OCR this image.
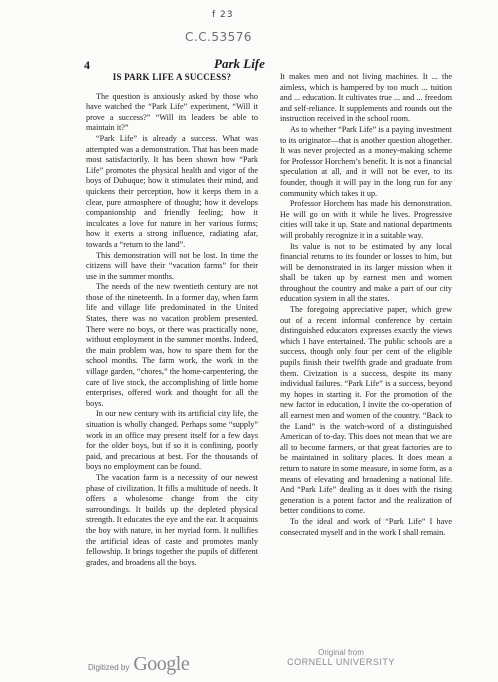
f 23
C.C.53576
4	Park Life
IS PARK LIFE A SUCCESS?

The question is anxiously asked by those who have watched the “Park Life” experiment, “Will it prove a success?” “Will its leaders be able to maintain it?”

“Park Life” is already a success. What was attempted was a demonstration. That has been made most satisfactorily. It has been shown how “Park Life” promotes the physical health and vigor of the boys of Dubuque; how it stimulates their mind, and quickens their perception, how it keeps them in a clear, pure atmosphere of thought; how it develops companionship and friendly feeling; how it inculcates a love for nature in her various forms; how it exerts a strong influence, radiating afar, towards a “return to the land”.

This demonstration will not be lost. In time the citizens will have their “vacation farms” for their use in the summer months.

The needs of the new twentieth century are not those of the nineteenth. In a former day, when farm life and village life predominated in the United States, there was no vacation problem presented. There were no boys, or there was practically none, without employment in the summer months. Indeed, the main problem was, how to spare them for the school months. The farm work, the work in the village garden, “chores,” the home-carpentering, the care of live stock, the accomplishing of little home enterprises, offered work and thought for all the boys.

In our new century with its artificial city life, the situation is wholly changed. Perhaps some “supply” work in an office may present itself for a few days for the older boys, but if so it is confining, poorly paid, and precarious at best. For the thousands of boys no employment can be found.

The vacation farm is a necessity of our newest phase of civilization. It fills a multitude of needs. It offers a wholesome change from the city surroundings. It builds up the depleted physical strength. It educates the eye and the ear. It acquaints the boy with nature, in her myriad form. It nullifies the artificial ideas of caste and promotes manly fellowship. It brings together the pupils of different grades, and broadens all the boys.

It makes men and not living machines. It ... the aimless, which is hampered by too much ... tuition and ... education. It cultivates true ... and ... freedom and self-reliance. It supplements and rounds out the instruction received in the school room.

As to whether “Park Life” is a paying investment to its originator—that is another question altogether. It was never projected as a money-making scheme for Professor Horchem’s benefit. It is not a financial speculation at all, and it will not be ever, to its founder, though it will pay in the long run for any community which takes it up.

Professor Horchem has made his demonstration. He will go on with it while he lives. Progressive cities will take it up. State and national departments will probably recognize it in a suitable way.

Its value is not to be estimated by any local financial returns to its founder or losses to him, but will be demonstrated in its larger mission when it shall be taken up by earnest men and women throughout the country and make a part of our city education system in all the states.

The foregoing appreciative paper, which grew out of a recent informal conference by certain distinguished educators expresses exactly the views which I have entertained. The public schools are a success, though only four per cent of the eligible pupils finish their twelfth grade and graduate from them. Civization is a success, despite its many individual failures. “Park Life” is a success, beyond my hopes in starting it. For the promotion of the new factor in education, I invite the co-operation of all earnest men and women of the country. “Back to the Land” is the watch-word of a distinguished American of to-day. This does not mean that we are all to become farmers, or that great factories are to be maintained in solitary places. It does mean a return to nature in some measure, in some form, as a means of elevating and broadening a national life. And “Park Life” dealing as it does with the rising generation is a potent factor and the realization of better conditions to come.

To the ideal and work of “Park Life” I have consecrated myself and in the work I shall remain.

Digitized by Google
Original from
CORNELL UNIVERSITY
